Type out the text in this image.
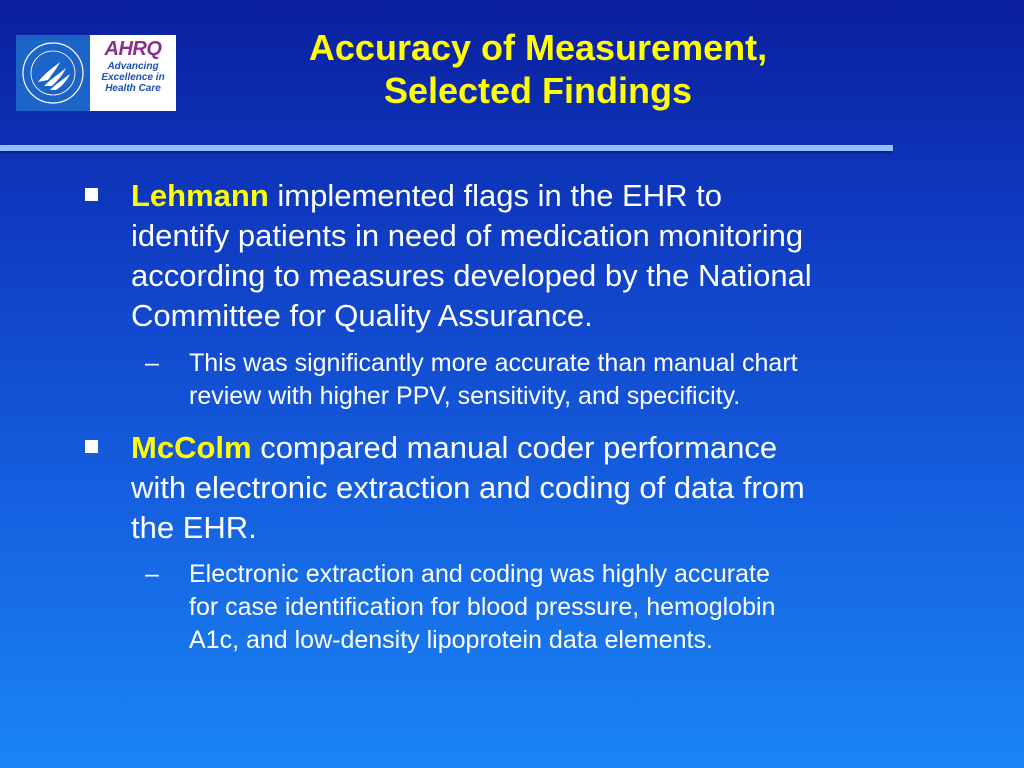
AHRQ
Advancing
Excellence in
Health Care
Accuracy of Measurement,
Selected Findings
Lehmann implemented flags in the EHR to
identify patients in need of medication monitoring
according to measures developed by the National
Committee for Quality Assurance.
– This was significantly more accurate than manual chart
review with higher PPV, sensitivity, and specificity.
McColm compared manual coder performance
with electronic extraction and coding of data from
the EHR.
– Electronic extraction and coding was highly accurate
for case identification for blood pressure, hemoglobin
A1c, and low-density lipoprotein data elements.
